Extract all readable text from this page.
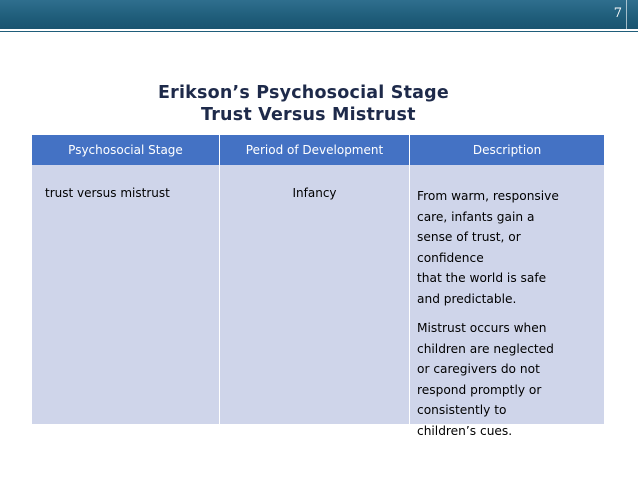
7
Erikson’s Psychosocial Stage
Trust Versus Mistrust
Psychosocial Stage	Period of Development	Description
trust versus mistrust	Infancy	From warm, responsive
care, infants gain a
sense of trust, or
confidence
that the world is safe
and predictable.
Mistrust occurs when
children are neglected
or caregivers do not
respond promptly or
consistently to
children’s cues.
